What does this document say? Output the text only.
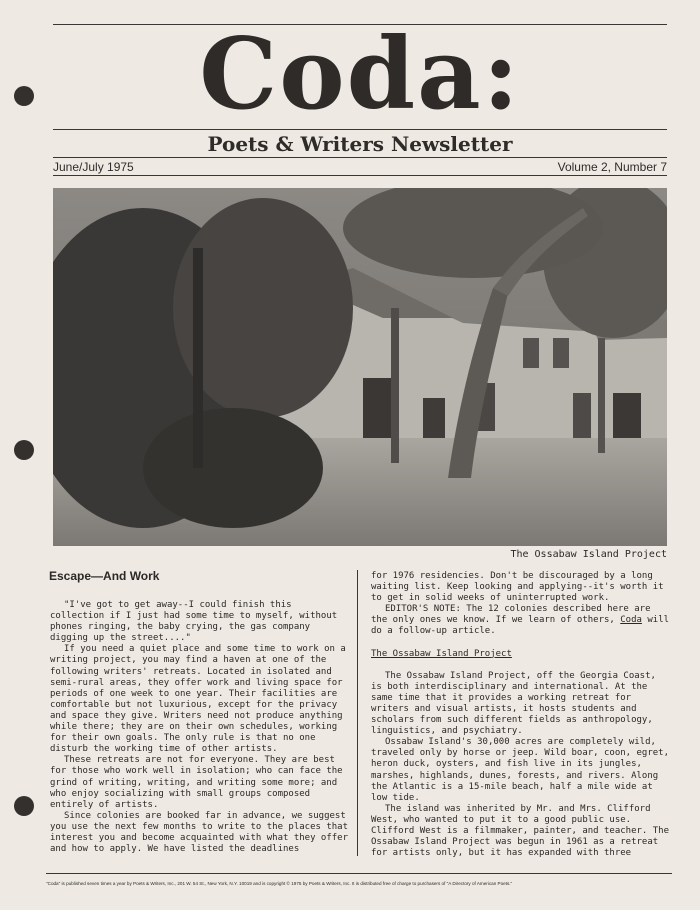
Coda:
Poets & Writers Newsletter
June/July 1975	Volume 2, Number 7
The Ossabaw Island Project
Escape—And Work

"I've got to get away--I could finish this collection if I just had some time to myself, without phones ringing, the baby crying, the gas company digging up the street...."

If you need a quiet place and some time to work on a writing project, you may find a haven at one of the following writers' retreats. Located in isolated and semi-rural areas, they offer work and living space for periods of one week to one year. Their facilities are comfortable but not luxurious, except for the privacy and space they give. Writers need not produce anything while there; they are on their own schedules, working for their own goals. The only rule is that no one disturb the working time of other artists.

These retreats are not for everyone. They are best for those who work well in isolation; who can face the grind of writing, writing, and writing some more; and who enjoy socializing with small groups composed entirely of artists.

Since colonies are booked far in advance, we suggest you use the next few months to write to the places that interest you and become acquainted with what they offer and how to apply. We have listed the deadlines

for 1976 residencies. Don't be discouraged by a long waiting list. Keep looking and applying--it's worth it to get in solid weeks of uninterrupted work.

EDITOR'S NOTE: The 12 colonies described here are the only ones we know. If we learn of others, Coda will do a follow-up article.

The Ossabaw Island Project

The Ossabaw Island Project, off the Georgia Coast, is both interdisciplinary and international. At the same time that it provides a working retreat for writers and visual artists, it hosts students and scholars from such different fields as anthropology, linguistics, and psychiatry.

Ossabaw Island's 30,000 acres are completely wild, traveled only by horse or jeep. Wild boar, coon, egret, heron duck, oysters, and fish live in its jungles, marshes, highlands, dunes, forests, and rivers. Along the Atlantic is a 15-mile beach, half a mile wide at low tide.

The island was inherited by Mr. and Mrs. Clifford West, who wanted to put it to a good public use. Clifford West is a filmmaker, painter, and teacher. The Ossabaw Island Project was begun in 1961 as a retreat for artists only, but it has expanded with three

"Coda" is published seven times a year by Poets & Writers, Inc., 201 W. 54 St., New York, N.Y. 10019 and is copyright © 1975 by Poets & Writers, Inc. It is distributed free of charge to purchasers of "A Directory of American Poets."
